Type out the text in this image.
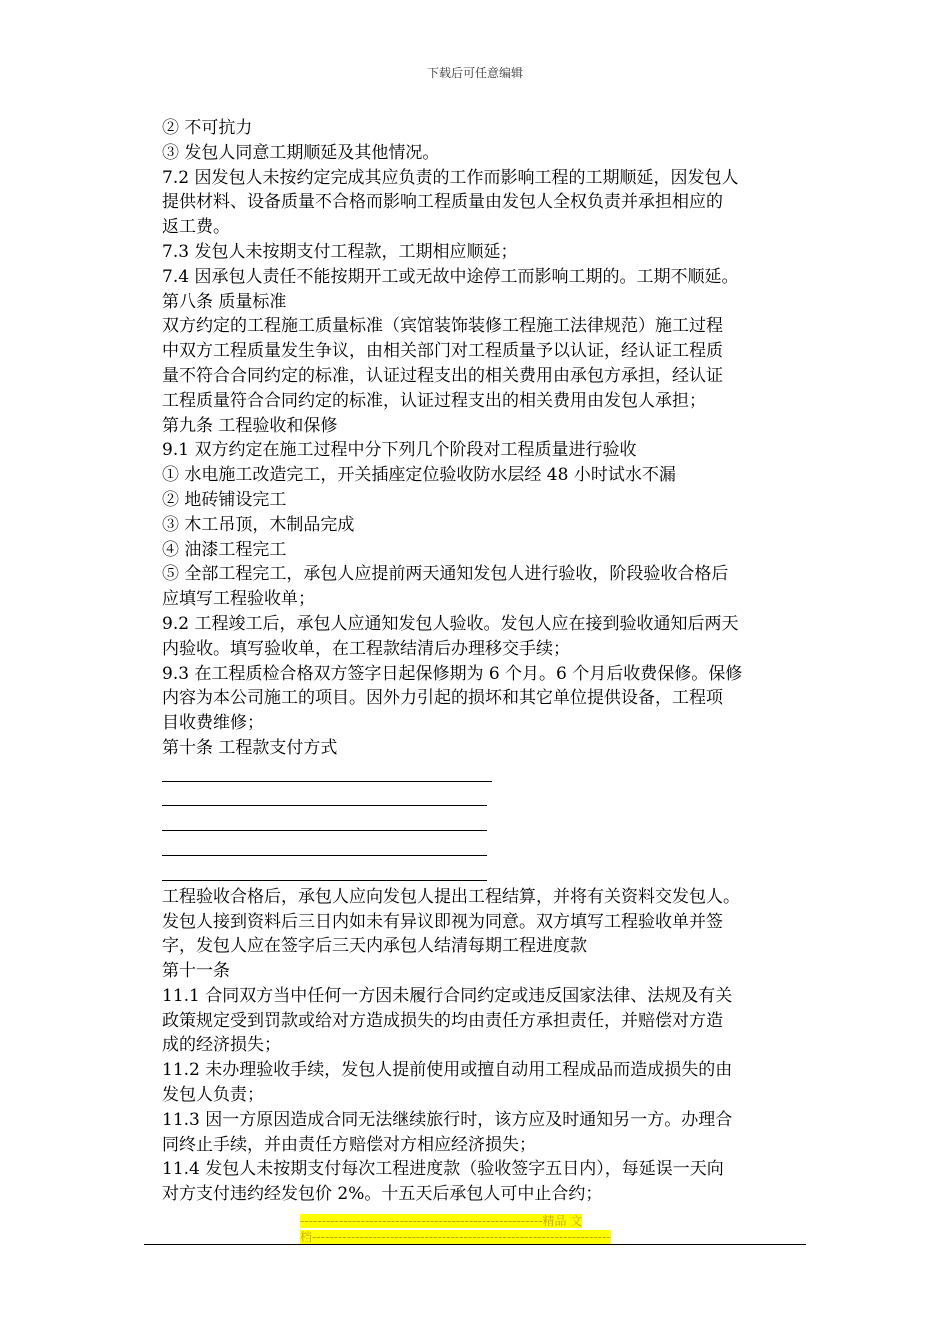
下载后可任意编辑
② 不可抗力
③ 发包人同意工期顺延及其他情况。
7.2 因发包人未按约定完成其应负责的工作而影响工程的工期顺延，因发包人
提供材料、设备质量不合格而影响工程质量由发包人全权负责并承担相应的
返工费。
7.3 发包人未按期支付工程款，工期相应顺延；
7.4 因承包人责任不能按期开工或无故中途停工而影响工期的。工期不顺延。
第八条 质量标准
双方约定的工程施工质量标准（宾馆装饰装修工程施工法律规范）施工过程
中双方工程质量发生争议，由相关部门对工程质量予以认证，经认证工程质
量不符合合同约定的标准，认证过程支出的相关费用由承包方承担，经认证
工程质量符合合同约定的标准，认证过程支出的相关费用由发包人承担；
第九条 工程验收和保修
9.1 双方约定在施工过程中分下列几个阶段对工程质量进行验收
① 水电施工改造完工，开关插座定位验收防水层经 48 小时试水不漏
② 地砖铺设完工
③ 木工吊顶，木制品完成
④ 油漆工程完工
⑤ 全部工程完工，承包人应提前两天通知发包人进行验收，阶段验收合格后
应填写工程验收单；
9.2 工程竣工后，承包人应通知发包人验收。发包人应在接到验收通知后两天
内验收。填写验收单，在工程款结清后办理移交手续；
9.3 在工程质检合格双方签字日起保修期为 6 个月。6 个月后收费保修。保修
内容为本公司施工的项目。因外力引起的损坏和其它单位提供设备，工程项
目收费维修；
第十条 工程款支付方式
工程验收合格后，承包人应向发包人提出工程结算，并将有关资料交发包人。
发包人接到资料后三日内如未有异议即视为同意。双方填写工程验收单并签
字，发包人应在签字后三天内承包人结清每期工程进度款
第十一条
11.1 合同双方当中任何一方因未履行合同约定或违反国家法律、法规及有关
政策规定受到罚款或给对方造成损失的均由责任方承担责任，并赔偿对方造
成的经济损失；
11.2 未办理验收手续，发包人提前使用或擅自动用工程成品而造成损失的由
发包人负责；
11.3 因一方原因造成合同无法继续旅行时，该方应及时通知另一方。办理合
同终止手续，并由责任方赔偿对方相应经济损失；
11.4 发包人未按期支付每次工程进度款（验收签字五日内），每延误一天向
对方支付违约经发包价 2%。十五天后承包人可中止合约；
--------------------------------------------------------精品 文
档---------------------------------------------------------------------
